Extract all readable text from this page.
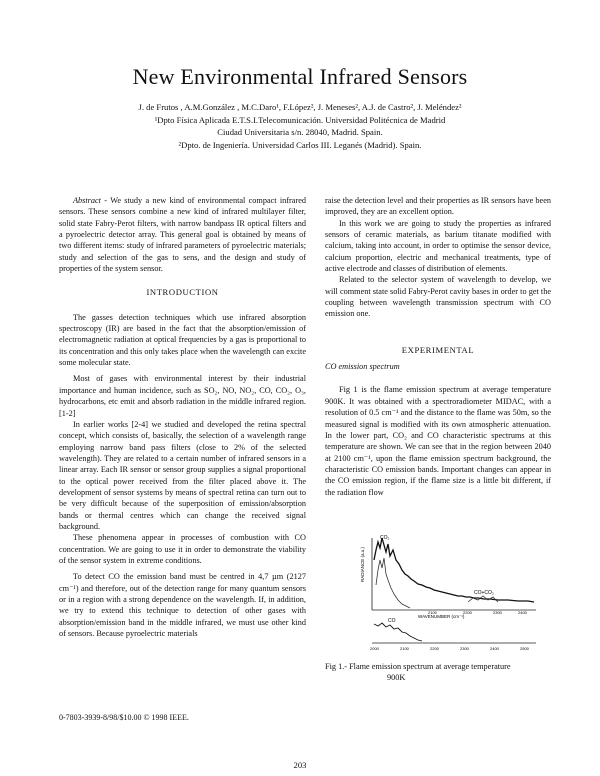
New Environmental Infrared Sensors
J. de Frutos , A.M.González , M.C.Daro¹, F.López², J. Meneses², A.J. de Castro², J. Meléndez²
¹Dpto Física Aplicada E.T.S.I.Telecomunicación. Universidad Politécnica de Madrid
Ciudad Universitaria s/n. 28040, Madrid. Spain.
²Dpto. de Ingeniería. Universidad Carlos III. Leganés (Madrid). Spain.

Abstract - We study a new kind of environmental compact infrared sensors. These sensors combine a new kind of infrared multilayer filter, solid state Fabry-Perot filters, with narrow bandpass IR optical filters and a pyroelectric detector array. This general goal is obtained by means of two different items: study of infrared parameters of pyroelectric materials; study and selection of the gas to sens, and the design and study of properties of the system sensor.

INTRODUCTION

The gasses detection techniques which use infrared absorption spectroscopy (IR) are based in the fact that the absorption/emission of electromagnetic radiation at optical frequencies by a gas is proportional to its concentration and this only takes place when the wavelength can excite some molecular state.

Most of gases with environmental interest by their industrial importance and human incidence, such as SO₂, NO, NO₂, CO, CO₂, O₃, hydrocarbons, etc emit and absorb radiation in the middle infrared region. [1-2]

In earlier works [2-4] we studied and developed the retina spectral concept, which consists of, basically, the selection of a wavelength range employing narrow band pass filters (close to 2% of the selected wavelength). They are related to a certain number of infrared sensors in a linear array. Each IR sensor or sensor group supplies a signal proportional to the optical power received from the filter placed above it. The development of sensor systems by means of spectral retina can turn out to be very difficult because of the superposition of emission/absorption bands or thermal centres which can change the received signal background.

These phenomena appear in processes of combustion with CO concentration. We are going to use it in order to demonstrate the viability of the sensor system in extreme conditions.

To detect CO the emission band must be centred in 4,7 µm (2127 cm⁻¹) and therefore, out of the detection range for many quantum sensors or in a region with a strong dependence on the wavelength. If, in addition, we try to extend this technique to detection of other gases with absorption/emission band in the middle infrared, we must use other kind of sensors. Because pyroelectric materials

raise the detection level and their properties as IR sensors have been improved, they are an excellent option.

In this work we are going to study the properties as infrared sensors of ceramic materials, as barium titanate modified with calcium, taking into account, in order to optimise the sensor device, calcium proportion, electric and mechanical treatments, type of active electrode and classes of distribution of elements.

Related to the selector system of wavelength to develop, we will comment state solid Fabry-Perot cavity bases in order to get the coupling between wavelength transmission spectrum with CO emission one.

EXPERIMENTAL

CO emission spectrum

Fig 1 is the flame emission spectrum at average temperature 900K. It was obtained with a spectroradiometer MIDAC, with a resolution of 0.5 cm⁻¹ and the distance to the flame was 50m, so the measured signal is modified with its own atmospheric attenuation. In the lower part, CO₂ and CO characteristic spectrums at this temperature are shown. We can see that in the region between 2040 at 2100 cm⁻¹, upon the flame emission spectrum background, the characteristic CO emission bands. Important changes can appear in the CO emission region, if the flame size is a little bit different, if the radiation flow

RADIANCE (a.u.)
CO₂
CO+CO₂
WAVENUMBER (cm⁻¹)
2100	2200	2300	2400
CO
2000	2100	2200	2300	2400	2500
Fig 1.- Flame emission spectrum at average temperature
900K
0-7803-3939-8/98/$10.00 © 1998 IEEE.
203
